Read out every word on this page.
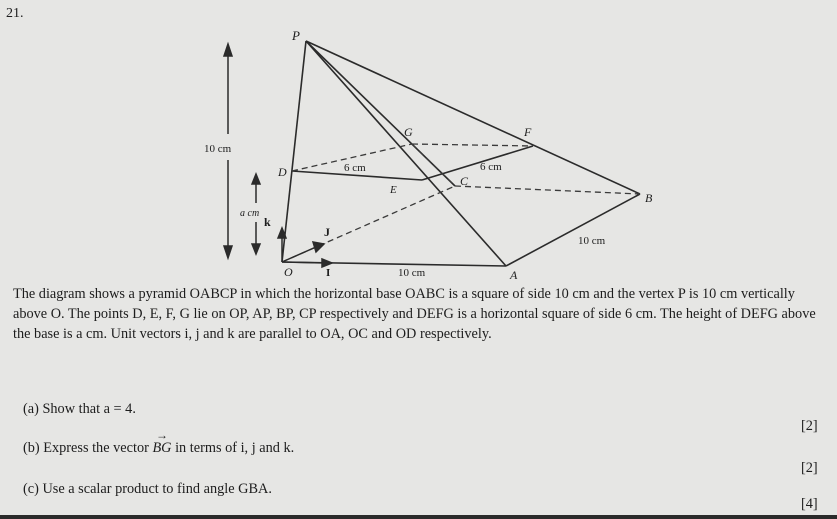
21.
P
G	F
D
E
C
B
k
J
O	I	A
10 cm
a cm
6 cm	6 cm
10 cm
10 cm
The diagram shows a pyramid OABCP in which the horizontal base OABC is a square of side 10 cm and the vertex P is 10 cm vertically above O. The points D, E, F, G lie on OP, AP, BP, CP respectively and DEFG is a horizontal square of side 6 cm. The height of DEFG above the base is a cm. Unit vectors i, j and k are parallel to OA, OC and OD respectively.
(a) Show that a = 4.
[2]
(b) Express the vector → BG in terms of i, j and k.
[2]
(c) Use a scalar product to find angle GBA.
[4]
